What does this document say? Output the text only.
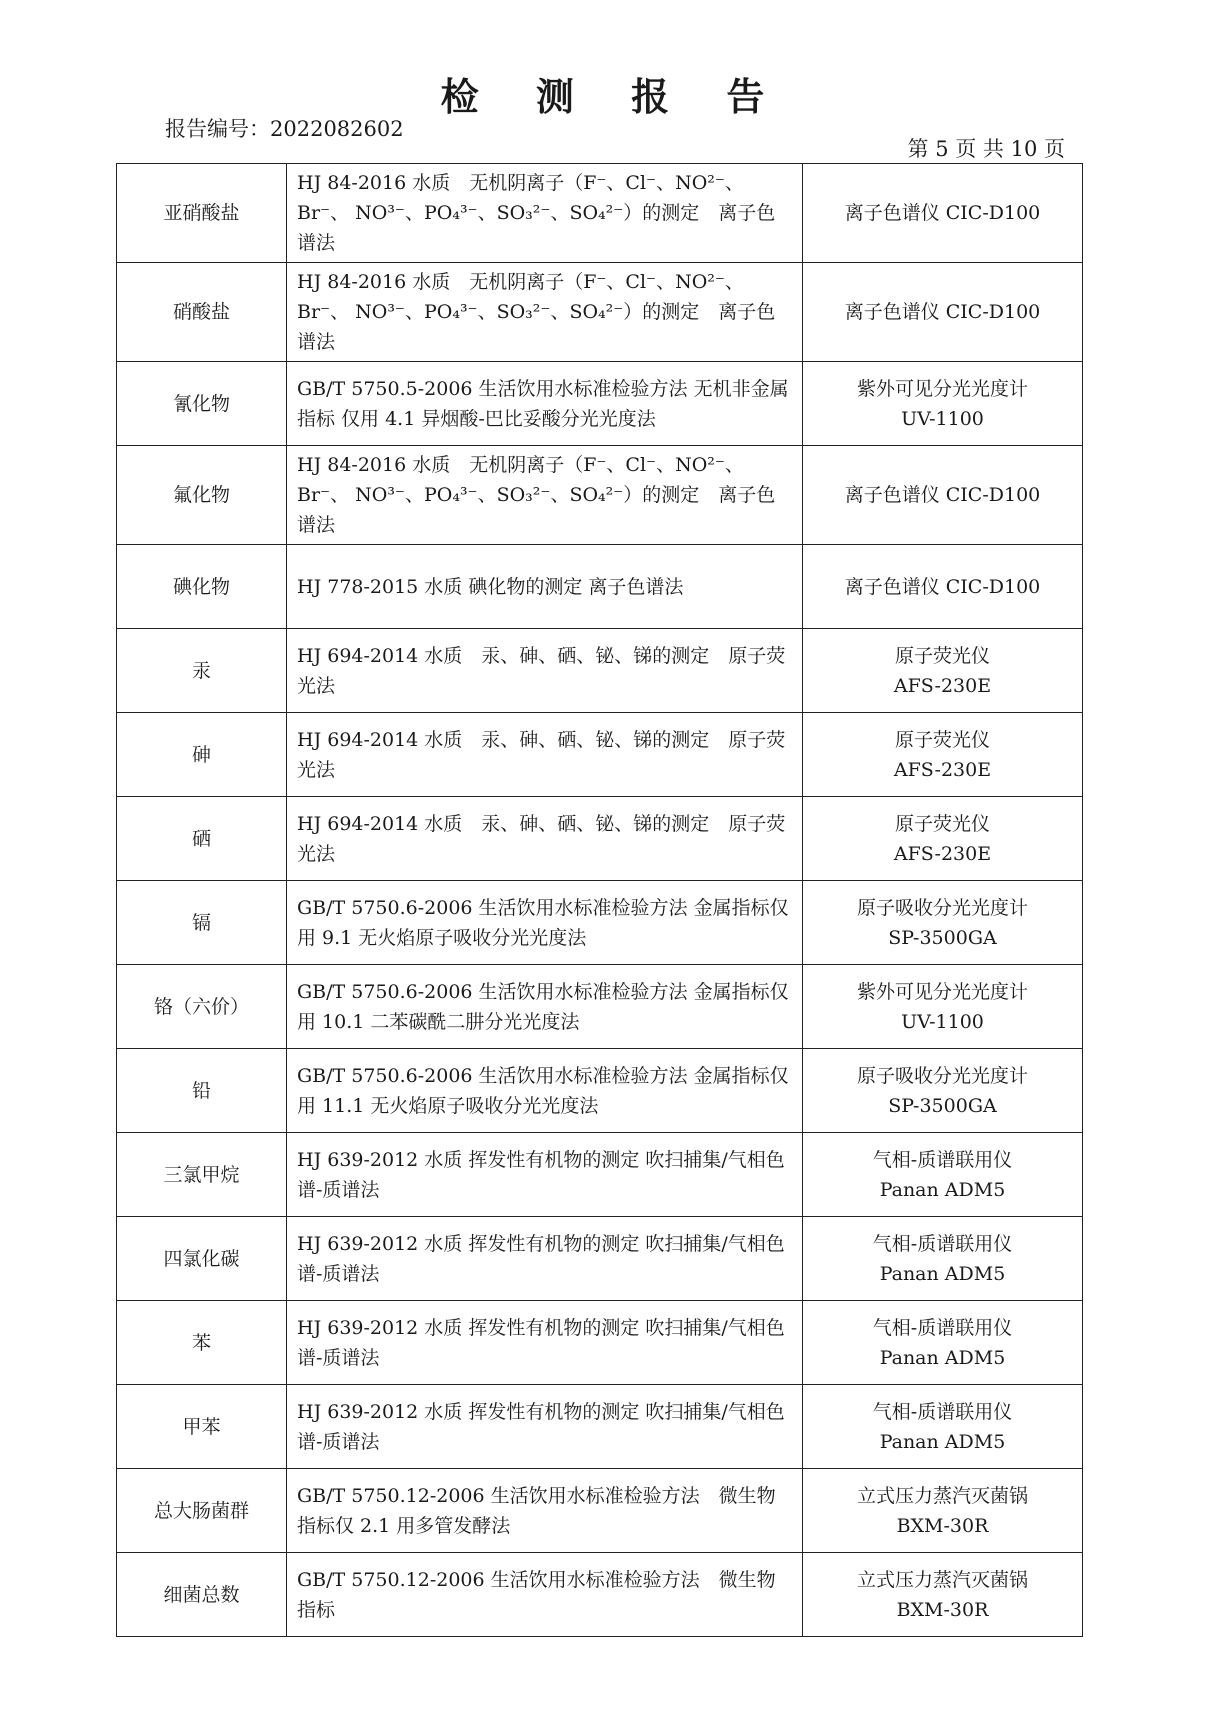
检 测 报 告
报告编号：2022082602
第 5 页 共 10 页
亚硝酸盐	HJ 84-2016 水质　无机阴离子（F⁻、Cl⁻、NO²⁻、Br⁻、 NO³⁻、PO₄³⁻、SO₃²⁻、SO₄²⁻）的测定　离子色谱法	离子色谱仪 CIC-D100

硝酸盐	HJ 84-2016 水质　无机阴离子（F⁻、Cl⁻、NO²⁻、Br⁻、 NO³⁻、PO₄³⁻、SO₃²⁻、SO₄²⁻）的测定　离子色谱法	离子色谱仪 CIC-D100

氰化物	GB/T 5750.5-2006 生活饮用水标准检验方法 无机非金属指标 仅用 4.1 异烟酸-巴比妥酸分光光度法	紫外可见分光光度计
UV-1100

氟化物	HJ 84-2016 水质　无机阴离子（F⁻、Cl⁻、NO²⁻、Br⁻、 NO³⁻、PO₄³⁻、SO₃²⁻、SO₄²⁻）的测定　离子色谱法	离子色谱仪 CIC-D100

碘化物	HJ 778-2015 水质 碘化物的测定 离子色谱法	离子色谱仪 CIC-D100

汞	HJ 694-2014 水质　汞、砷、硒、铋、锑的测定　原子荧光法	原子荧光仪
AFS-230E

砷	HJ 694-2014 水质　汞、砷、硒、铋、锑的测定　原子荧光法	原子荧光仪
AFS-230E

硒	HJ 694-2014 水质　汞、砷、硒、铋、锑的测定　原子荧光法	原子荧光仪
AFS-230E

镉	GB/T 5750.6-2006 生活饮用水标准检验方法 金属指标仅用 9.1 无火焰原子吸收分光光度法	原子吸收分光光度计
SP-3500GA

铬（六价）	GB/T 5750.6-2006 生活饮用水标准检验方法 金属指标仅用 10.1 二苯碳酰二肼分光光度法	紫外可见分光光度计
UV-1100

铅	GB/T 5750.6-2006 生活饮用水标准检验方法 金属指标仅用 11.1 无火焰原子吸收分光光度法	原子吸收分光光度计
SP-3500GA

三氯甲烷	HJ 639-2012 水质 挥发性有机物的测定 吹扫捕集/气相色谱-质谱法	气相-质谱联用仪
Panan ADM5

四氯化碳	HJ 639-2012 水质 挥发性有机物的测定 吹扫捕集/气相色谱-质谱法	气相-质谱联用仪
Panan ADM5

苯	HJ 639-2012 水质 挥发性有机物的测定 吹扫捕集/气相色谱-质谱法	气相-质谱联用仪
Panan ADM5

甲苯	HJ 639-2012 水质 挥发性有机物的测定 吹扫捕集/气相色谱-质谱法	气相-质谱联用仪
Panan ADM5

总大肠菌群	GB/T 5750.12-2006 生活饮用水标准检验方法　微生物指标仅 2.1 用多管发酵法	立式压力蒸汽灭菌锅
BXM-30R

细菌总数	GB/T 5750.12-2006 生活饮用水标准检验方法　微生物指标	立式压力蒸汽灭菌锅
BXM-30R
